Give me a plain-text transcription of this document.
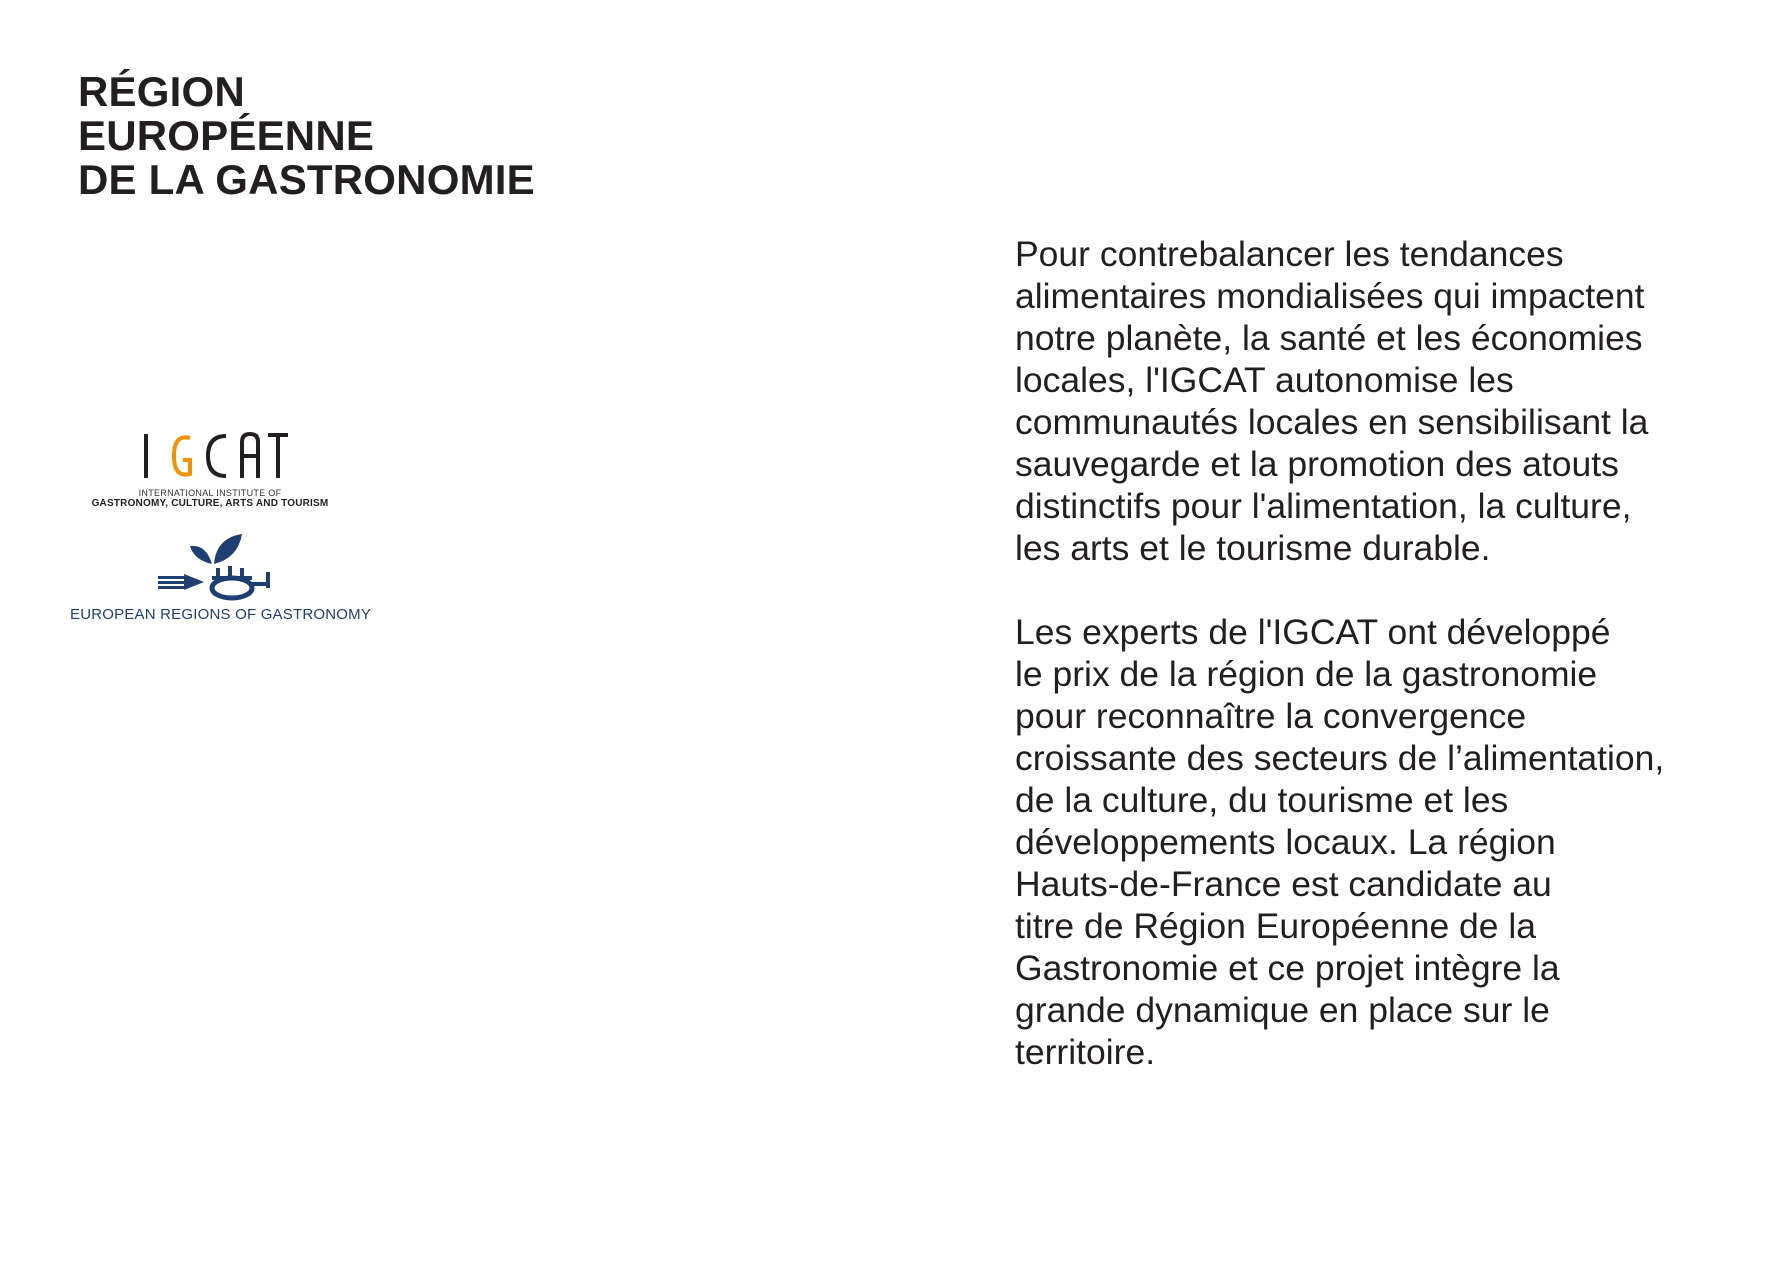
RÉGION
EUROPÉENNE
DE LA GASTRONOMIE
INTERNATIONAL INSTITUTE OF
GASTRONOMY, CULTURE, ARTS AND TOURISM
EUROPEAN REGIONS OF GASTRONOMY

Pour contrebalancer les tendances
alimentaires mondialisées qui impactent
notre planète, la santé et les économies
locales, l'IGCAT autonomise les
communautés locales en sensibilisant la
sauvegarde et la promotion des atouts
distinctifs pour l'alimentation, la culture,
les arts et le tourisme durable.

Les experts de l'IGCAT ont développé
le prix de la région de la gastronomie
pour reconnaître la convergence
croissante des secteurs de l’alimentation,
de la culture, du tourisme et les
développements locaux. La région
Hauts-de-France est candidate au
titre de Région Européenne de la
Gastronomie et ce projet intègre la
grande dynamique en place sur le
territoire.
